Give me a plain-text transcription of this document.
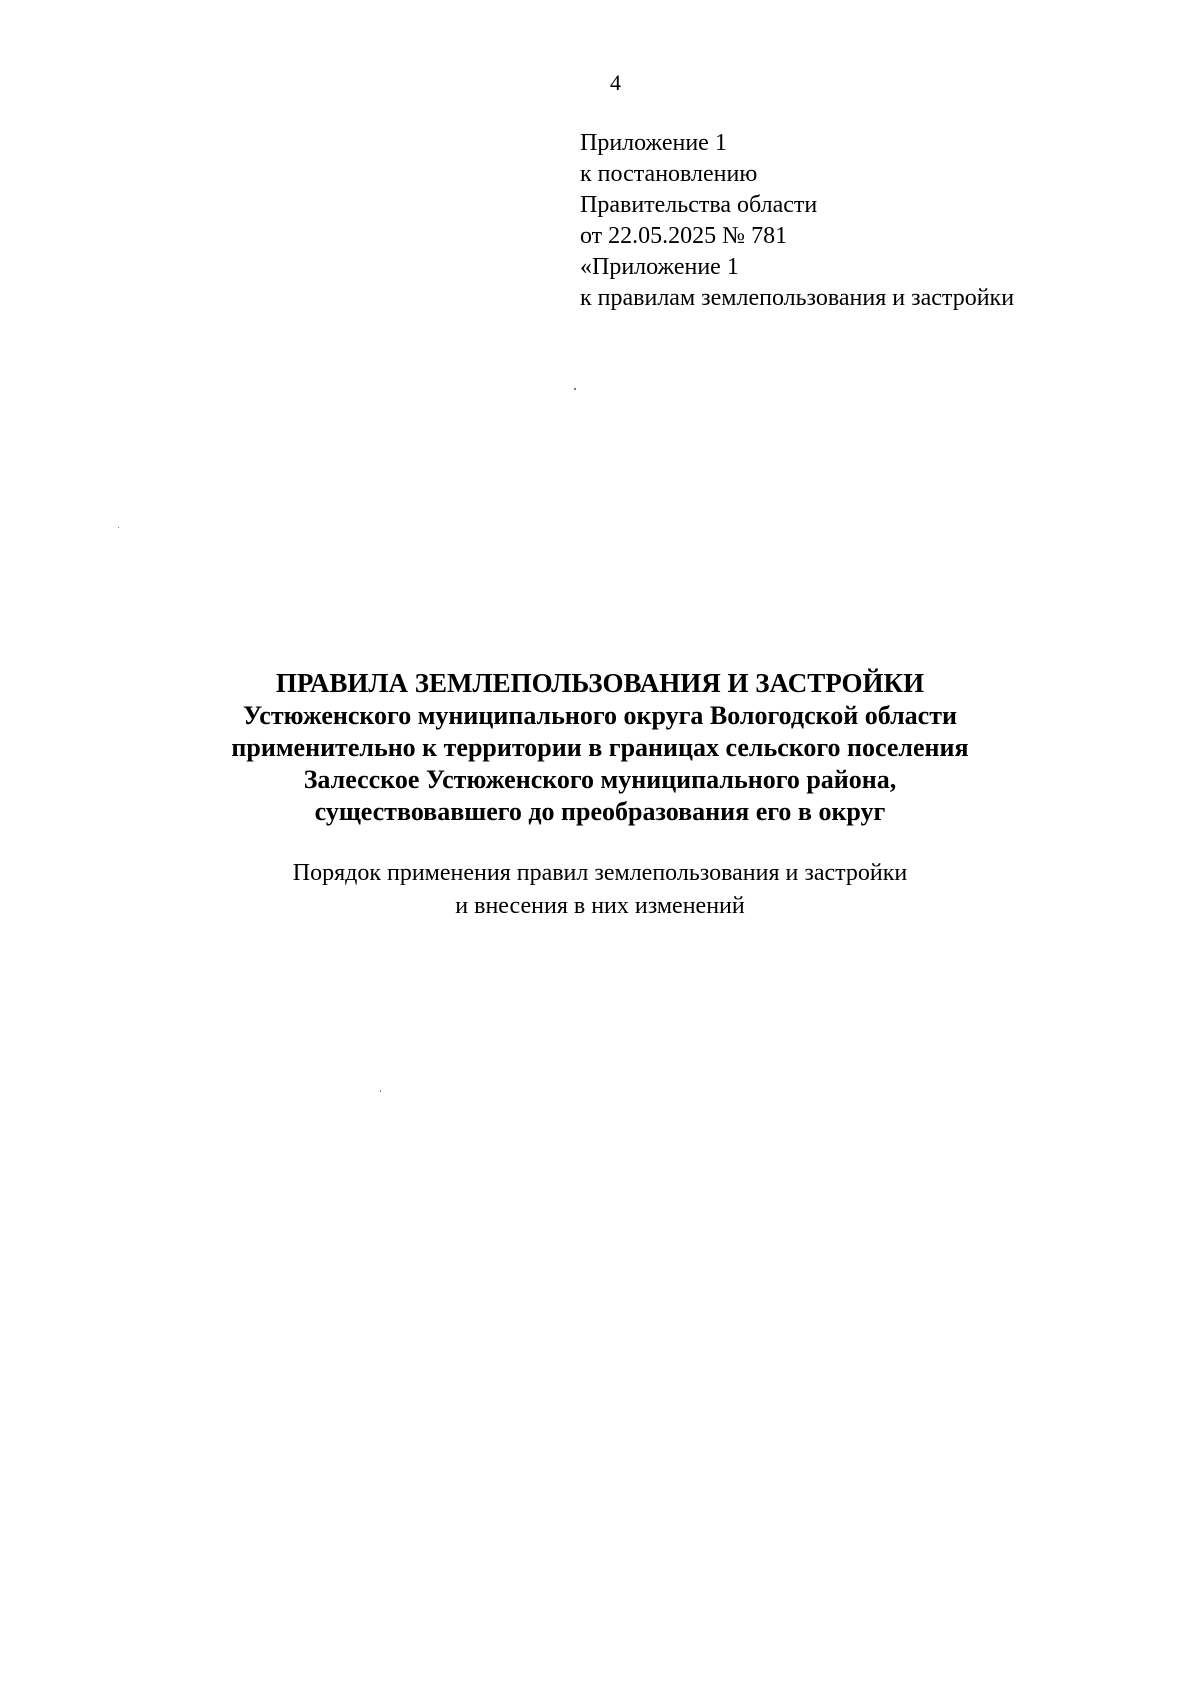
4
Приложение 1
к постановлению
Правительства области
от 22.05.2025 № 781
«Приложение 1
к правилам землепользования и застройки
ПРАВИЛА ЗЕМЛЕПОЛЬЗОВАНИЯ И ЗАСТРОЙКИ
Устюженского муниципального округа Вологодской области
применительно к территории в границах сельского поселения
Залесское Устюженского муниципального района,
существовавшего до преобразования его в округ
Порядок применения правил землепользования и застройки
и внесения в них изменений
